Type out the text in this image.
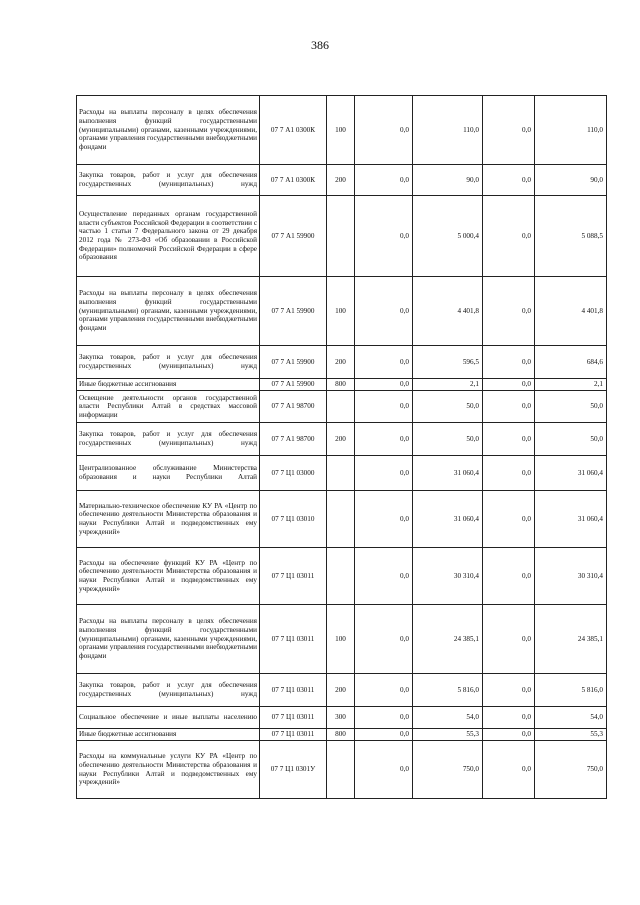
386
Расходы на выплаты персоналу в целях обеспечения выполнения функций государственными (муниципальными) органами, казенными учреждениями, органами управления государственными внебюджетными фондами	07 7 А1 0300К	100	0,0	110,0	0,0	110,0
Закупка товаров, работ и услуг для обеспечения государственных (муниципальных) нужд	07 7 А1 0300К	200	0,0	90,0	0,0	90,0
Осуществление переданных органам государственной власти субъектов Российской Федерации в соответствии с частью 1 статьи 7 Федерального закона от 29 декабря 2012 года № 273-ФЗ «Об образовании в Российской Федерации» полномочий Российской Федерации в сфере образования	07 7 А1 59900		0,0	5 000,4	0,0	5 088,5
Расходы на выплаты персоналу в целях обеспечения выполнения функций государственными (муниципальными) органами, казенными учреждениями, органами управления государственными внебюджетными фондами	07 7 А1 59900	100	0,0	4 401,8	0,0	4 401,8
Закупка товаров, работ и услуг для обеспечения государственных (муниципальных) нужд	07 7 А1 59900	200	0,0	596,5	0,0	684,6
Иные бюджетные ассигнования	07 7 А1 59900	800	0,0	2,1	0,0	2,1
Освещение деятельности органов государственной власти Республики Алтай в средствах массовой информации	07 7 А1 98700		0,0	50,0	0,0	50,0
Закупка товаров, работ и услуг для обеспечения государственных (муниципальных) нужд	07 7 А1 98700	200	0,0	50,0	0,0	50,0
Централизованное обслуживание Министерства образования и науки Республики Алтай	07 7 Ц1 03000		0,0	31 060,4	0,0	31 060,4
Материально-техническое обеспечение КУ РА «Центр по обеспечению деятельности Министерства образования и науки Республики Алтай и подведомственных ему учреждений»	07 7 Ц1 03010		0,0	31 060,4	0,0	31 060,4
Расходы на обеспечение функций КУ РА «Центр по обеспечению деятельности Министерства образования и науки Республики Алтай и подведомственных ему учреждений»	07 7 Ц1 03011		0,0	30 310,4	0,0	30 310,4
Расходы на выплаты персоналу в целях обеспечения выполнения функций государственными (муниципальными) органами, казенными учреждениями, органами управления государственными внебюджетными фондами	07 7 Ц1 03011	100	0,0	24 385,1	0,0	24 385,1
Закупка товаров, работ и услуг для обеспечения государственных (муниципальных) нужд	07 7 Ц1 03011	200	0,0	5 816,0	0,0	5 816,0
Социальное обеспечение и иные выплаты населению	07 7 Ц1 03011	300	0,0	54,0	0,0	54,0
Иные бюджетные ассигнования	07 7 Ц1 03011	800	0,0	55,3	0,0	55,3
Расходы на коммунальные услуги КУ РА «Центр по обеспечению деятельности Министерства образования и науки Республики Алтай и подведомственных ему учреждений»	07 7 Ц1 0301У		0,0	750,0	0,0	750,0
